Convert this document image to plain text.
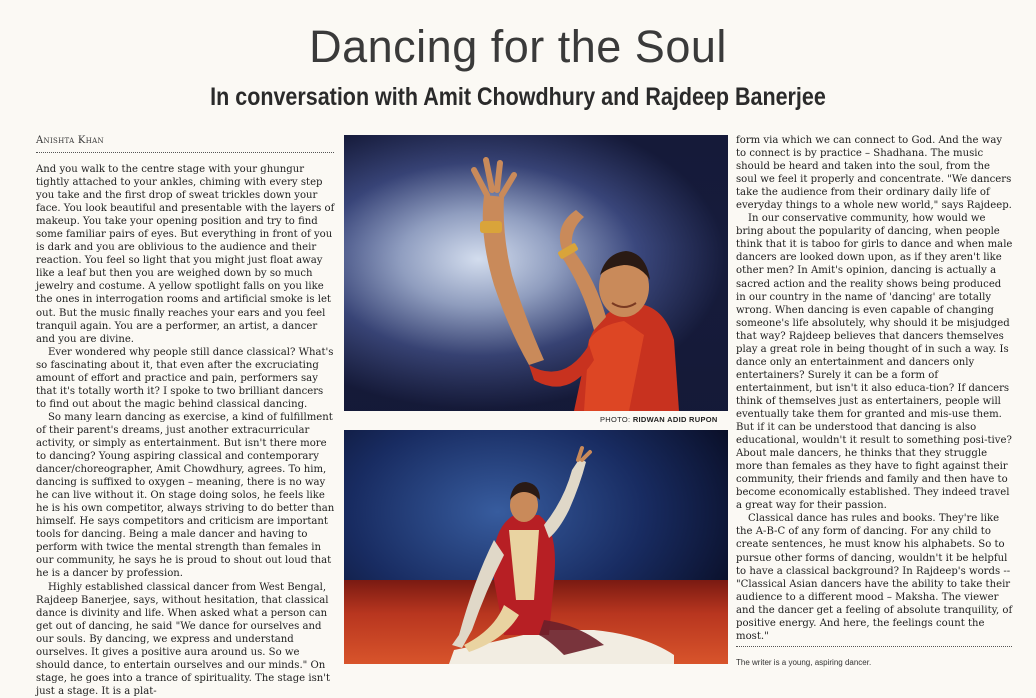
Dancing for the Soul
In conversation with Amit Chowdhury and Rajdeep Banerjee
Anishta Khan

And you walk to the centre stage with your ghungur tightly attached to your ankles, chiming with every step you take and the first drop of sweat trickles down your face. You look beautiful and presentable with the layers of makeup. You take your opening position and try to find some familiar pairs of eyes. But everything in front of you is dark and you are oblivious to the audience and their reaction. You feel so light that you might just float away like a leaf but then you are weighed down by so much jewelry and costume. A yellow spotlight falls on you like the ones in interrogation rooms and artificial smoke is let out. But the music finally reaches your ears and you feel tranquil again. You are a performer, an artist, a dancer and you are divine.

Ever wondered why people still dance classical? What's so fascinating about it, that even after the excruciating amount of effort and practice and pain, performers say that it's totally worth it? I spoke to two brilliant dancers to find out about the magic behind classical dancing.

So many learn dancing as exercise, a kind of fulfillment of their parent's dreams, just another extracurricular activity, or simply as entertainment. But isn't there more to dancing? Young aspiring classical and contemporary dancer/choreographer, Amit Chowdhury, agrees. To him, dancing is suffixed to oxygen – meaning, there is no way he can live without it. On stage doing solos, he feels like he is his own competitor, always striving to do better than himself. He says competitors and criticism are important tools for dancing. Being a male dancer and having to perform with twice the mental strength than females in our community, he says he is proud to shout out loud that he is a dancer by profession.

Highly established classical dancer from West Bengal, Rajdeep Banerjee, says, without hesitation, that classical dance is divinity and life. When asked what a person can get out of dancing, he said "We dance for ourselves and our souls. By dancing, we express and understand ourselves. It gives a positive aura around us. So we should dance, to entertain ourselves and our minds." On stage, he goes into a trance of spirituality. The stage isn't just a stage. It is a plat-

PHOTO: RIDWAN ADID RUPON

form via which we can connect to God. And the way to connect is by practice – Shadhana. The music should be heard and taken into the soul, from the soul we feel it properly and concentrate. "We dancers take the audience from their ordinary daily life of everyday things to a whole new world," says Rajdeep.

In our conservative community, how would we bring about the popularity of dancing, when people think that it is taboo for girls to dance and when male dancers are looked down upon, as if they aren't like other men? In Amit's opinion, dancing is actually a sacred action and the reality shows being produced in our country in the name of 'dancing' are totally wrong. When dancing is even capable of changing someone's life absolutely, why should it be misjudged that way? Rajdeep believes that dancers themselves play a great role in being thought of in such a way. Is dance only an entertainment and dancers only entertainers? Surely it can be a form of entertainment, but isn't it also educa-tion? If dancers think of themselves just as entertainers, people will eventually take them for granted and mis-use them. But if it can be understood that dancing is also educational, wouldn't it result to something posi-tive? About male dancers, he thinks that they struggle more than females as they have to fight against their community, their friends and family and then have to become economically established. They indeed travel a great way for their passion.

Classical dance has rules and books. They're like the A-B-C of any form of dancing. For any child to create sentences, he must know his alphabets. So to pursue other forms of dancing, wouldn't it be helpful to have a classical background? In Rajdeep's words -- "Classical Asian dancers have the ability to take their audience to a different mood – Maksha. The viewer and the dancer get a feeling of absolute tranquility, of positive energy. And here, the feelings count the most."

The writer is a young, aspiring dancer.
